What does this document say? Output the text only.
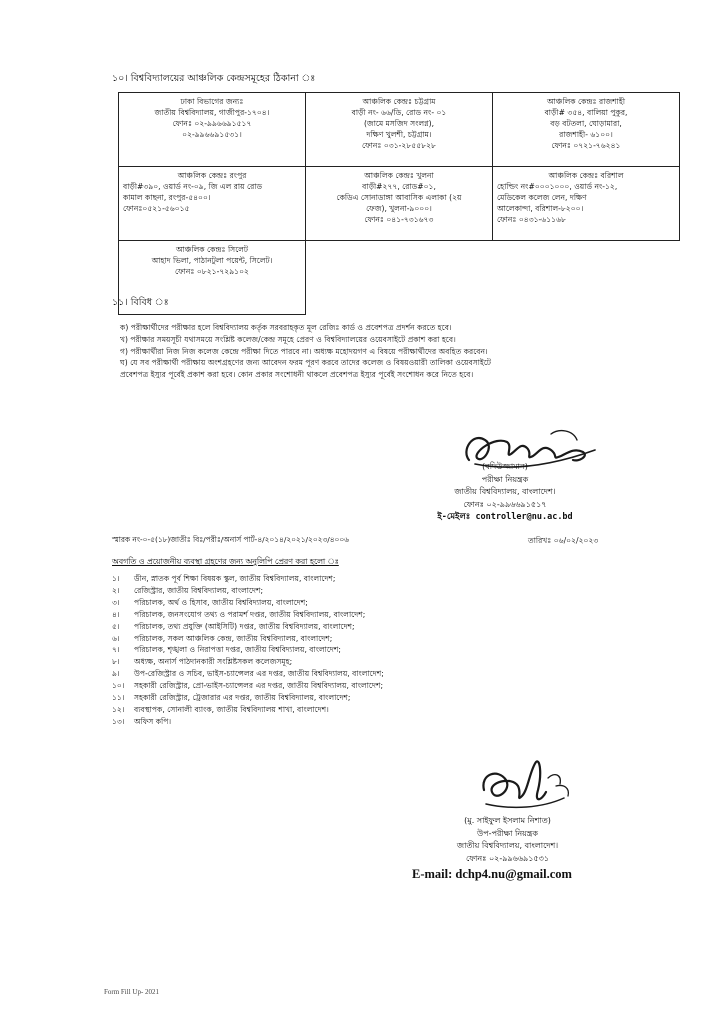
১০। বিশ্ববিদ্যালয়ের আঞ্চলিক কেন্দ্রসমূহের ঠিকানা ঃ
ঢাকা বিভাগের জন্যঃ
জাতীয় বিশ্ববিদ্যালয়, গাজীপুর-১৭০৪।
ফোনঃ ০২-৯৯৬৬৯১৫১৭
০২-৯৯৬৬৯১৫৩১।	আঞ্চলিক কেন্দ্রঃ চট্টগ্রাম
বাড়ী নং- ৬৬/ডি, রোড নং- ০১
(জামে মসজিদ সংলগ্ন),
দক্ষিণ খুলশী, চট্টগ্রাম।
ফোনঃ ০৩১-২৮৫৫৮২৮	আঞ্চলিক কেন্দ্রঃ রাজশাহী
বাড়ী# ৩৫৪, বালিয়া পুকুর,
বড় বটতলা, ঘোড়ামারা,
রাজশাহী- ৬১০০।
ফোনঃ ০৭২১-৭৬২৪১

আঞ্চলিক কেন্দ্রঃ রংপুর
বাড়ী#৩৯০, ওয়ার্ড নং-০৯, জি এল রায় রোড
কামাল কাছনা, রংপুর-৫৪০০।
ফোনঃ০৫২১-৫৬০১৫	আঞ্চলিক কেন্দ্রঃ খুলনা
বাড়ী#২৭৭, রোড#০১,
কেডিএ সোনাডাঙ্গা আবাসিক এলাকা (২য়
ফেজ), খুলনা-৯০০০।
ফোনঃ ০৪১-৭৩১৬৭৩	আঞ্চলিক কেন্দ্রঃ বরিশাল
হোল্ডিং নং#০০০১০০০, ওয়ার্ড নং-১২,
মেডিকেল কলেজ লেন, দক্ষিণ
আলেকান্দা, বরিশাল-৮২০০।
ফোনঃ ০৪৩১-৬১১৬৮

আঞ্চলিক কেন্দ্রঃ সিলেট
আহাদ ভিলা, পাঠানটুলা পয়েন্ট, সিলেট।
ফোনঃ ০৮২১-৭২৯১০২		

১১। বিবিধ ঃ
ক) পরীক্ষার্থীদের পরীক্ষার হলে বিশ্ববিদ্যালয় কর্তৃক সরবরাহকৃত মূল রেজিঃ কার্ড ও প্রবেশপত্র প্রদর্শন করতে হবে।
খ) পরীক্ষার সময়সূচী যথাসময়ে সংশ্লিষ্ট কলেজ/কেন্দ্র সমূহে প্রেরণ ও বিশ্ববিদ্যালয়ের ওয়েবসাইটে প্রকাশ করা হবে।
গ) পরীক্ষার্থীরা নিজ নিজ কলেজ কেন্দ্রে পরীক্ষা দিতে পারবে না। অধ্যক্ষ মহোদয়গণ এ বিষয়ে পরীক্ষার্থীদের অবহিত করবেন।
ঘ) যে সব পরীক্ষার্থী পরীক্ষায় অংশগ্রহণের জন্য আবেদন ফরম পূরণ করবে তাদের কলেজ ও বিষয়ওয়ারী তালিকা ওয়েবসাইটে
প্রবেশপত্র ইস্যুর পূর্বেই প্রকাশ করা হবে। কোন প্রকার সংশোধনী থাকলে প্রবেশপত্র ইস্যুর পূর্বেই সংশোধন করে নিতে হবে।
(বদিউজ্জামান)
পরীক্ষা নিয়ন্ত্রক
জাতীয় বিশ্ববিদ্যালয়, বাংলাদেশ।
ফোনঃ ০২-৯৯৬৬৯১৫১৭
ই-মেইলঃ controller@nu.ac.bd
স্মারক নং-০-৫(১৮)জাতীঃ বিঃ/পরীঃ/অনার্স পার্ট-৪/২০১৪/২০২১/২০২৩/৪০০৬	তারিখঃ ০৬/০২/২০২৩
অবগতি ও প্রয়োজনীয় ব্যবস্থা গ্রহণের জন্য অনুলিপি প্রেরণ করা হলো ঃ
১। ডীন, স্নাতক পূর্ব শিক্ষা বিষয়ক স্কুল, জাতীয় বিশ্ববিদ্যালয়, বাংলাদেশ;
২। রেজিস্ট্রার, জাতীয় বিশ্ববিদ্যালয়, বাংলাদেশ;
৩। পরিচালক, অর্থ ও হিসাব, জাতীয় বিশ্ববিদ্যালয়, বাংলাদেশ;
৪। পরিচালক, জনসংযোগ তথ্য ও পরামর্শ দপ্তর, জাতীয় বিশ্ববিদ্যালয়, বাংলাদেশ;
৫। পরিচালক, তথ্য প্রযুক্তি (আইসিটি) দপ্তর, জাতীয় বিশ্ববিদ্যালয়, বাংলাদেশ;
৬। পরিচালক, সকল আঞ্চলিক কেন্দ্র, জাতীয় বিশ্ববিদ্যালয়, বাংলাদেশ;
৭। পরিচালক, শৃঙ্খলা ও নিরাপত্তা দপ্তর, জাতীয় বিশ্ববিদ্যালয়, বাংলাদেশ;
৮। অধ্যক্ষ, অনার্স পাঠদানকারী সংশ্লিষ্টসকল কলেজসমূহ;
৯। উপ-রেজিস্ট্রার ও সচিব, ভাইস-চ্যান্সেলর এর দপ্তর, জাতীয় বিশ্ববিদ্যালয়, বাংলাদেশ;
১০। সহকারী রেজিস্ট্রার, প্রো-ভাইস-চ্যান্সেলর এর দপ্তর, জাতীয় বিশ্ববিদ্যালয়, বাংলাদেশ;
১১। সহকারী রেজিস্ট্রার, ট্রেজারার এর দপ্তর, জাতীয় বিশ্ববিদ্যালয়, বাংলাদেশ;
১২। ব্যবস্থাপক, সোনালী ব্যাংক, জাতীয় বিশ্ববিদ্যালয় শাখা, বাংলাদেশ।
১৩। অফিস কপি।
(মু. সাইফুল ইসলাম নিশাত)
উপ-পরীক্ষা নিয়ন্ত্রক
জাতীয় বিশ্ববিদ্যালয়, বাংলাদেশ।
ফোনঃ ০২-৯৯৬৬৯১৫৩১
E-mail: dchp4.nu@gmail.com
Form Fill Up- 2021
